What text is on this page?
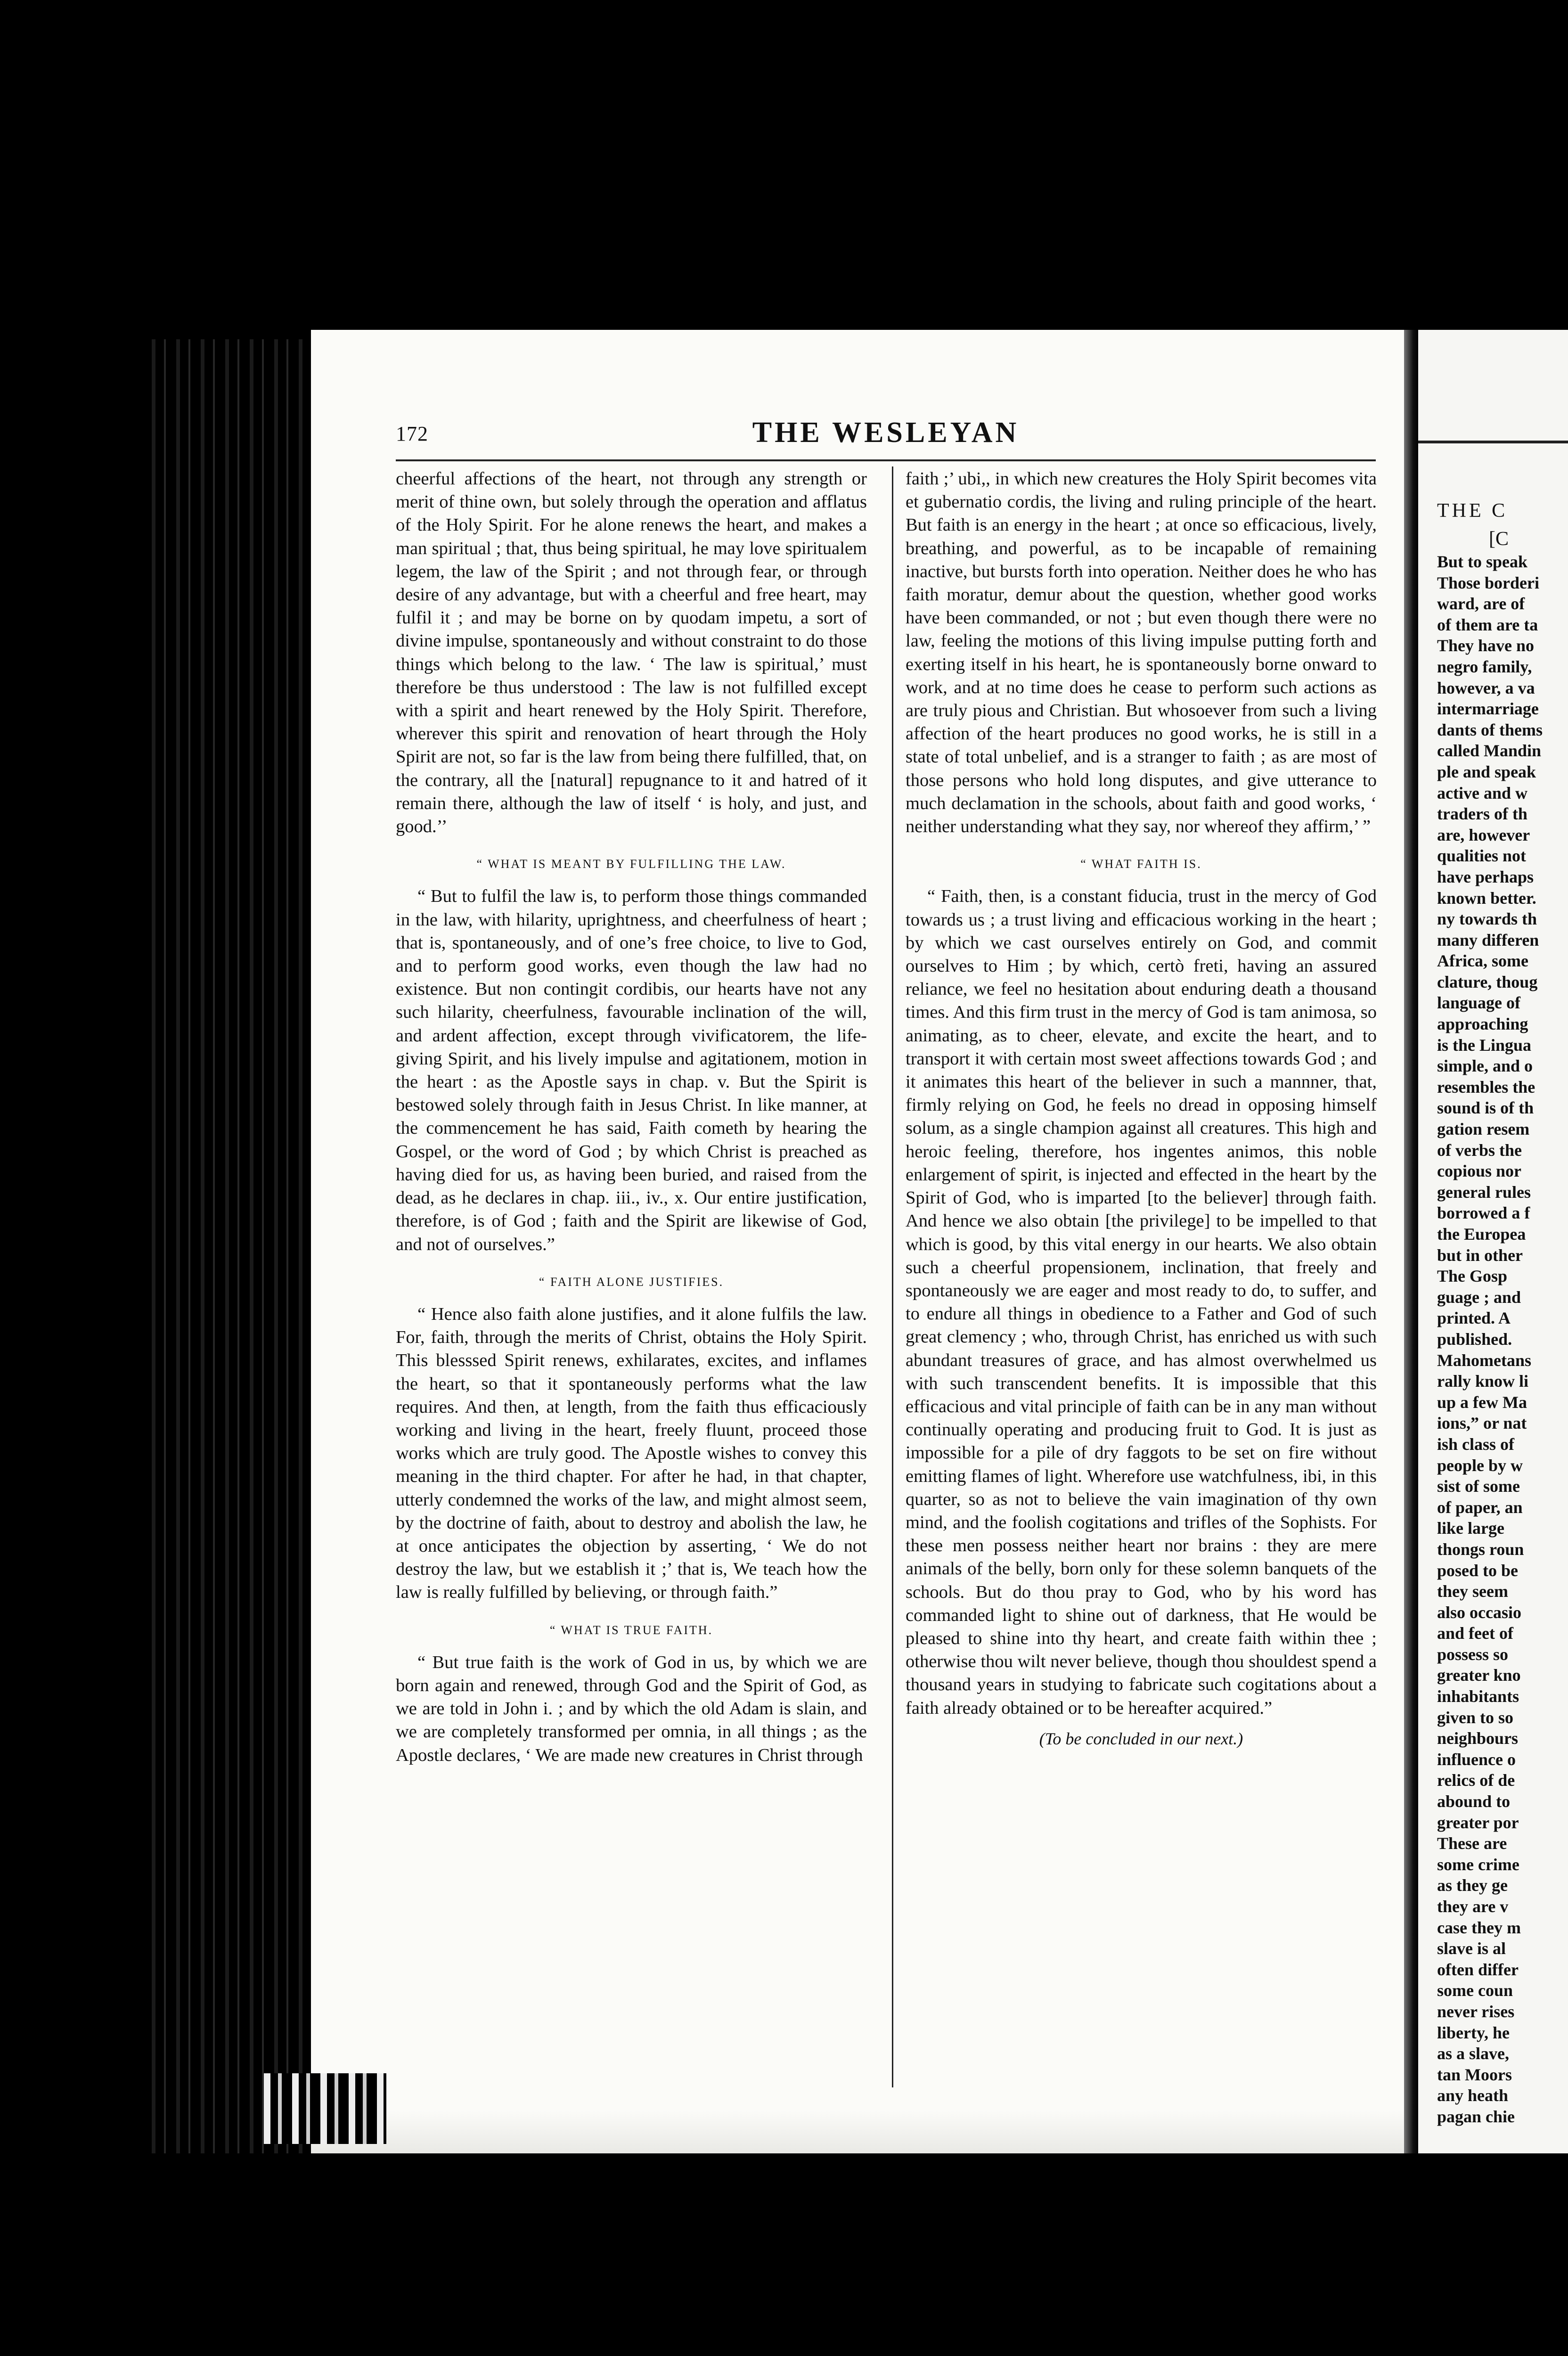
172	THE WESLEYAN

cheerful affections of the heart, not through any strength or merit of thine own, but solely through the operation and afflatus of the Holy Spirit. For he alone renews the heart, and makes a man spiritual ; that, thus being spiritual, he may love spiritualem legem, the law of the Spirit ; and not through fear, or through desire of any advantage, but with a cheerful and free heart, may fulfil it ; and may be borne on by quodam impetu, a sort of divine impulse, spontaneously and without constraint to do those things which belong to the law. ‘ The law is spiritual,’ must therefore be thus understood : The law is not fulfilled except with a spirit and heart renewed by the Holy Spirit. Therefore, wherever this spirit and renovation of heart through the Holy Spirit are not, so far is the law from being there fulfilled, that, on the contrary, all the [natural] repugnance to it and hatred of it remain there, although the law of itself ‘ is holy, and just, and good.’’

“ WHAT IS MEANT BY FULFILLING THE LAW.

“ But to fulfil the law is, to perform those things commanded in the law, with hilarity, uprightness, and cheerfulness of heart ; that is, spontaneously, and of one’s free choice, to live to God, and to perform good works, even though the law had no existence. But non contingit cordibis, our hearts have not any such hilarity, cheerfulness, favourable inclination of the will, and ardent affection, except through vivificatorem, the life-giving Spirit, and his lively impulse and agitationem, motion in the heart : as the Apostle says in chap. v. But the Spirit is bestowed solely through faith in Jesus Christ. In like manner, at the commencement he has said, Faith cometh by hearing the Gospel, or the word of God ; by which Christ is preached as having died for us, as having been buried, and raised from the dead, as he declares in chap. iii., iv., x. Our entire justification, therefore, is of God ; faith and the Spirit are likewise of God, and not of ourselves.”

“ FAITH ALONE JUSTIFIES.

“ Hence also faith alone justifies, and it alone fulfils the law. For, faith, through the merits of Christ, obtains the Holy Spirit. This blesssed Spirit renews, exhilarates, excites, and inflames the heart, so that it spontaneously performs what the law requires. And then, at length, from the faith thus efficaciously working and living in the heart, freely fluunt, proceed those works which are truly good. The Apostle wishes to convey this meaning in the third chapter. For after he had, in that chapter, utterly condemned the works of the law, and might almost seem, by the doctrine of faith, about to destroy and abolish the law, he at once anticipates the objection by asserting, ‘ We do not destroy the law, but we establish it ;’ that is, We teach how the law is really fulfilled by believing, or through faith.”

“ WHAT IS TRUE FAITH.

“ But true faith is the work of God in us, by which we are born again and renewed, through God and the Spirit of God, as we are told in John i. ; and by which the old Adam is slain, and we are completely transformed per omnia, in all things ; as the Apostle declares, ‘ We are made new creatures in Christ through

faith ;’ ubi,, in which new creatures the Holy Spirit becomes vita et gubernatio cordis, the living and ruling principle of the heart. But faith is an energy in the heart ; at once so efficacious, lively, breathing, and powerful, as to be incapable of remaining inactive, but bursts forth into operation. Neither does he who has faith moratur, demur about the question, whether good works have been commanded, or not ; but even though there were no law, feeling the motions of this living impulse putting forth and exerting itself in his heart, he is spontaneously borne onward to work, and at no time does he cease to perform such actions as are truly pious and Christian. But whosoever from such a living affection of the heart produces no good works, he is still in a state of total unbelief, and is a stranger to faith ; as are most of those persons who hold long disputes, and give utterance to much declamation in the schools, about faith and good works, ‘ neither understanding what they say, nor whereof they affirm,’ ”

“ WHAT FAITH IS.

“ Faith, then, is a constant fiducia, trust in the mercy of God towards us ; a trust living and efficacious working in the heart ; by which we cast ourselves entirely on God, and commit ourselves to Him ; by which, certò freti, having an assured reliance, we feel no hesitation about enduring death a thousand times. And this firm trust in the mercy of God is tam animosa, so animating, as to cheer, elevate, and excite the heart, and to transport it with certain most sweet affections towards God ; and it animates this heart of the believer in such a mannner, that, firmly relying on God, he feels no dread in opposing himself solum, as a single champion against all creatures. This high and heroic feeling, therefore, hos ingentes animos, this noble enlargement of spirit, is injected and effected in the heart by the Spirit of God, who is imparted [to the believer] through faith. And hence we also obtain [the privilege] to be impelled to that which is good, by this vital energy in our hearts. We also obtain such a cheerful propensionem, inclination, that freely and spontaneously we are eager and most ready to do, to suffer, and to endure all things in obedience to a Father and God of such great clemency ; who, through Christ, has enriched us with such abundant treasures of grace, and has almost overwhelmed us with such transcendent benefits. It is impossible that this efficacious and vital principle of faith can be in any man without continually operating and producing fruit to God. It is just as impossible for a pile of dry faggots to be set on fire without emitting flames of light. Wherefore use watchfulness, ibi, in this quarter, so as not to believe the vain imagination of thy own mind, and the foolish cogitations and trifles of the Sophists. For these men possess neither heart nor brains : they are mere animals of the belly, born only for these solemn banquets of the schools. But do thou pray to God, who by his word has commanded light to shine out of darkness, that He would be pleased to shine into thy heart, and create faith within thee ; otherwise thou wilt never believe, though thou shouldest spend a thousand years in studying to fabricate such cogitations about a faith already obtained or to be hereafter acquired.”

(To be concluded in our next.)
THE C
[C
But to speak
Those borderi
ward, are of
of them are ta
They have no
negro family,
however, a va
intermarriage
dants of thems
called Mandin
ple and speak
active and w
traders of th
are, however
qualities not
have perhaps
known better.
ny towards th
many differen
Africa, some
clature, thoug
language of
approaching
is the Lingua
simple, and o
resembles the
sound is of th
gation resem
of verbs the
copious nor
general rules
borrowed a f
the Europea
but in other
The Gosp
guage ; and
printed. A
published.
Mahometans
rally know li
up a few Ma
ions,” or nat
ish class of
people by w
sist of some
of paper, an
like large
thongs roun
posed to be
they seem
also occasio
and feet of
possess so
greater kno
inhabitants
given to so
neighbours
influence o
relics of de
abound to
greater por
These are
some crime
as they ge
they are v
case they m
slave is al
often differ
some coun
never rises
liberty, he
as a slave,
tan Moors
any heath
pagan chie
